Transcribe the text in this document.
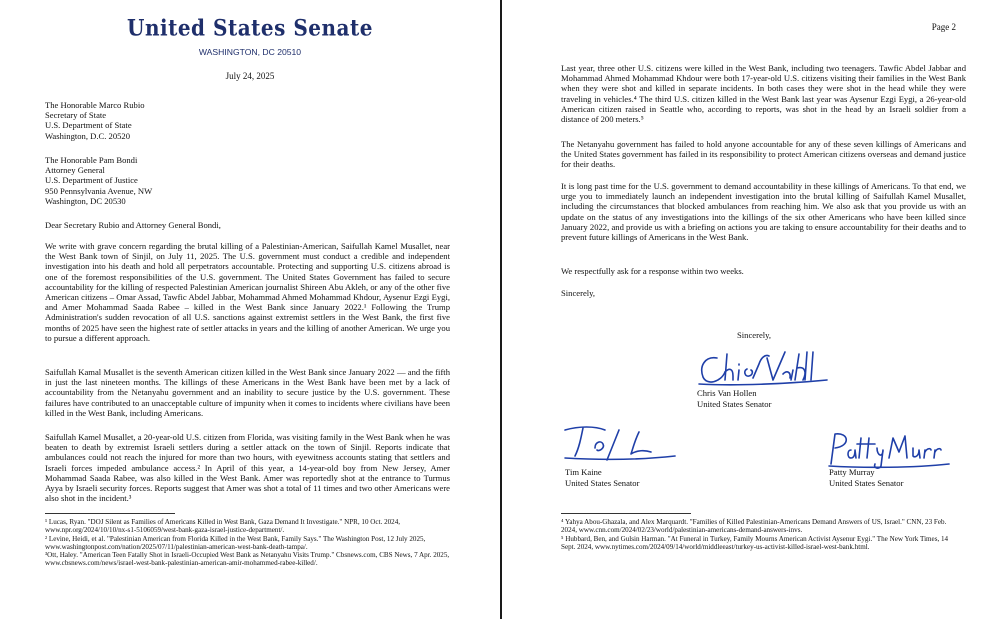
United States Senate
WASHINGTON, DC 20510
July 24, 2025
The Honorable Marco Rubio
Secretary of State
U.S. Department of State
Washington, D.C. 20520
The Honorable Pam Bondi
Attorney General
U.S. Department of Justice
950 Pennsylvania Avenue, NW
Washington, DC 20530
Dear Secretary Rubio and Attorney General Bondi,

We write with grave concern regarding the brutal killing of a Palestinian-American, Saifullah Kamel Musallet, near the West Bank town of Sinjil, on July 11, 2025. The U.S. government must conduct a credible and independent investigation into his death and hold all perpetrators accountable. Protecting and supporting U.S. citizens abroad is one of the foremost responsibilities of the U.S. government. The United States Government has failed to secure accountability for the killing of respected Palestinian American journalist Shireen Abu Akleh, or any of the other five American citizens – Omar Assad, Tawfic Abdel Jabbar, Mohammad Ahmed Mohammad Khdour, Aysenur Ezgi Eygi, and Amer Mohammad Saada Rabee – killed in the West Bank since January 2022.¹ Following the Trump Administration's sudden revocation of all U.S. sanctions against extremist settlers in the West Bank, the first five months of 2025 have seen the highest rate of settler attacks in years and the killing of another American. We urge you to pursue a different approach.

Saifullah Kamal Musallet is the seventh American citizen killed in the West Bank since January 2022 — and the fifth in just the last nineteen months. The killings of these Americans in the West Bank have been met by a lack of accountability from the Netanyahu government and an inability to secure justice by the U.S. government. These failures have contributed to an unacceptable culture of impunity when it comes to incidents where civilians have been killed in the West Bank, including Americans.

Saifullah Kamel Musallet, a 20-year-old U.S. citizen from Florida, was visiting family in the West Bank when he was beaten to death by extremist Israeli settlers during a settler attack on the town of Sinjil. Reports indicate that ambulances could not reach the injured for more than two hours, with eyewitness accounts stating that settlers and Israeli forces impeded ambulance access.² In April of this year, a 14-year-old boy from New Jersey, Amer Mohammad Saada Rabee, was also killed in the West Bank. Amer was reportedly shot at the entrance to Turmus Ayya by Israeli security forces. Reports suggest that Amer was shot a total of 11 times and two other Americans were also shot in the incident.³

¹ Lucas, Ryan. "DOJ Silent as Families of Americans Killed in West Bank, Gaza Demand It Investigate." NPR, 10 Oct. 2024, www.npr.org/2024/10/10/nx-s1-5106059/west-bank-gaza-israel-justice-department/.

² Levine, Heidi, et al. "Palestinian American from Florida Killed in the West Bank, Family Says." The Washington Post, 12 July 2025, www.washingtonpost.com/nation/2025/07/11/palestinian-american-west-bank-death-tampa/.

³Ott, Haley. "American Teen Fatally Shot in Israeli-Occupied West Bank as Netanyahu Visits Trump." Cbsnews.com, CBS News, 7 Apr. 2025, www.cbsnews.com/news/israel-west-bank-palestinian-american-amir-mohammed-rabee-killed/.

Page 2

Last year, three other U.S. citizens were killed in the West Bank, including two teenagers. Tawfic Abdel Jabbar and Mohammad Ahmed Mohammad Khdour were both 17-year-old U.S. citizens visiting their families in the West Bank when they were shot and killed in separate incidents. In both cases they were shot in the head while they were traveling in vehicles.⁴ The third U.S. citizen killed in the West Bank last year was Aysenur Ezgi Eygi, a 26-year-old American citizen raised in Seattle who, according to reports, was shot in the head by an Israeli soldier from a distance of 200 meters.⁵

The Netanyahu government has failed to hold anyone accountable for any of these seven killings of Americans and the United States government has failed in its responsibility to protect American citizens overseas and demand justice for their deaths.

It is long past time for the U.S. government to demand accountability in these killings of Americans. To that end, we urge you to immediately launch an independent investigation into the brutal killing of Saifullah Kamel Musallet, including the circumstances that blocked ambulances from reaching him. We also ask that you provide us with an update on the status of any investigations into the killings of the six other Americans who have been killed since January 2022, and provide us with a briefing on actions you are taking to ensure accountability for their deaths and to prevent future killings of Americans in the West Bank.

We respectfully ask for a response within two weeks.

Sincerely,
Sincerely,
Chris Van Hollen
United States Senator
Tim Kaine
United States Senator
Patty Murray
United States Senator

⁴ Yahya Abou-Ghazala, and Alex Marquardt. "Families of Killed Palestinian-Americans Demand Answers of US, Israel." CNN, 23 Feb. 2024, www.cnn.com/2024/02/23/world/palestinian-americans-demand-answers-invs.

⁵ Hubbard, Ben, and Gulsin Harman. "At Funeral in Turkey, Family Mourns American Activist Aysenur Eygi." The New York Times, 14 Sept. 2024, www.nytimes.com/2024/09/14/world/middleeast/turkey-us-activist-killed-israel-west-bank.html.
